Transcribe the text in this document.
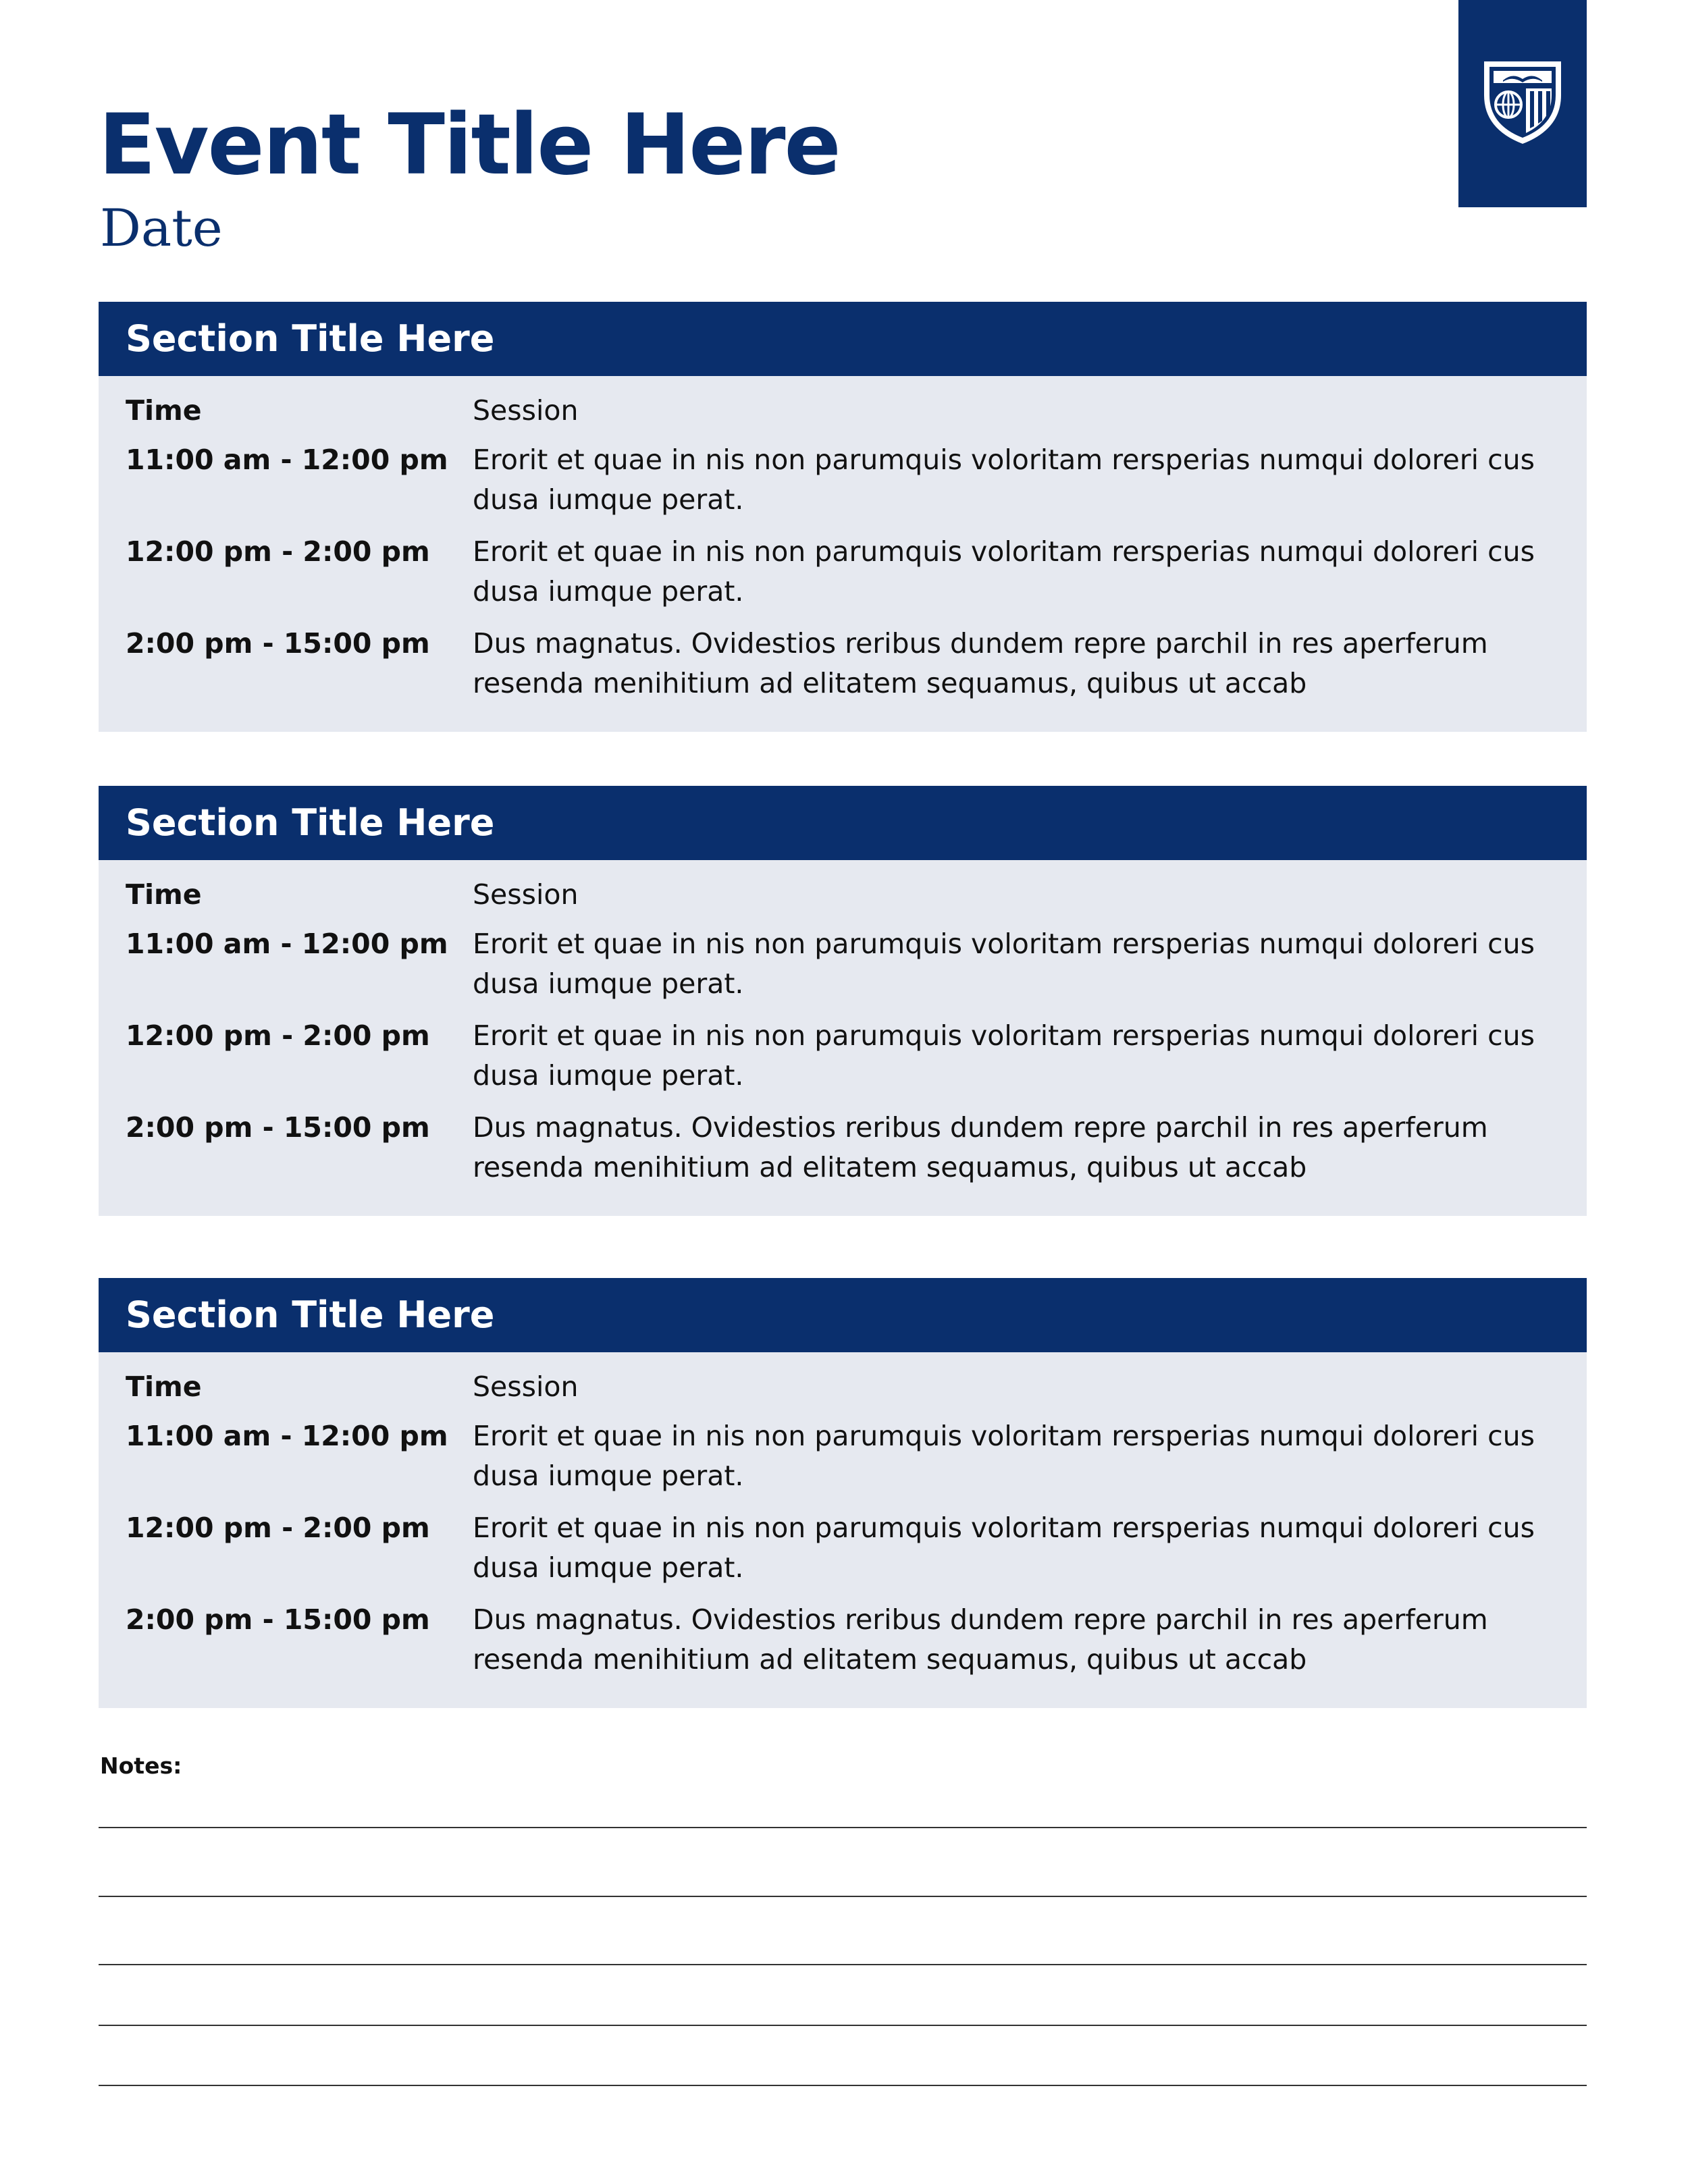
Event Title Here
Date
Section Title Here
Time	Session
11:00 am - 12:00 pm Erorit et quae in nis non parumquis voloritam rersperias numqui doloreri cus dusa iumque perat.
12:00 pm - 2:00 pm	Erorit et quae in nis non parumquis voloritam rersperias numqui doloreri cus dusa iumque perat.
2:00 pm - 15:00 pm	Dus magnatus. Ovidestios reribus dundem repre parchil in res aperferum resenda menihitium ad elitatem sequamus, quibus ut accab
Section Title Here
Time	Session
11:00 am - 12:00 pm Erorit et quae in nis non parumquis voloritam rersperias numqui doloreri cus dusa iumque perat.
12:00 pm - 2:00 pm	Erorit et quae in nis non parumquis voloritam rersperias numqui doloreri cus dusa iumque perat.
2:00 pm - 15:00 pm	Dus magnatus. Ovidestios reribus dundem repre parchil in res aperferum resenda menihitium ad elitatem sequamus, quibus ut accab
Section Title Here
Time	Session
11:00 am - 12:00 pm Erorit et quae in nis non parumquis voloritam rersperias numqui doloreri cus dusa iumque perat.
12:00 pm - 2:00 pm	Erorit et quae in nis non parumquis voloritam rersperias numqui doloreri cus dusa iumque perat.
2:00 pm - 15:00 pm	Dus magnatus. Ovidestios reribus dundem repre parchil in res aperferum resenda menihitium ad elitatem sequamus, quibus ut accab
Notes:
